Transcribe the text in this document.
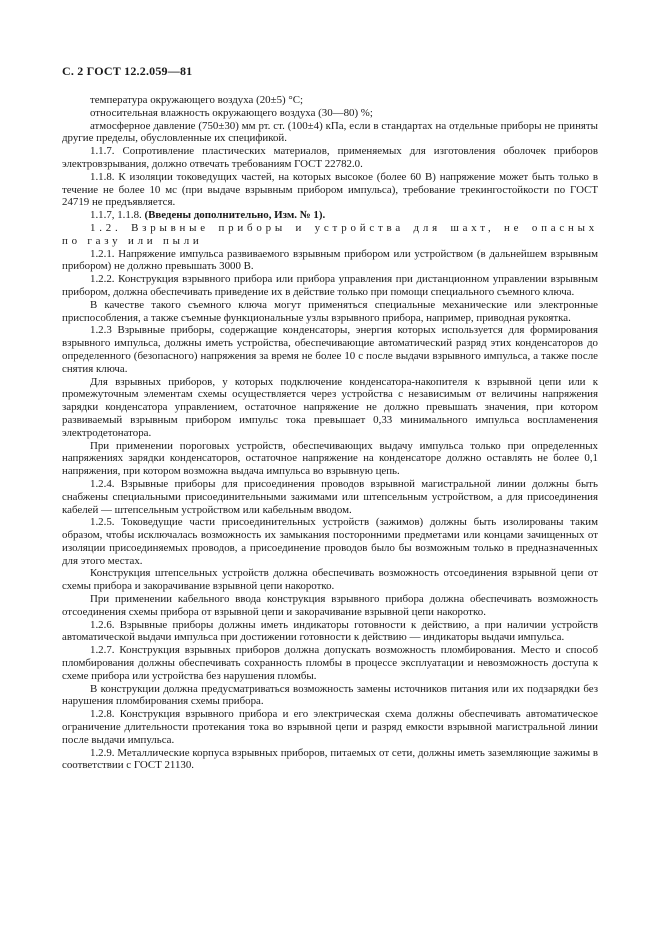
С. 2 ГОСТ 12.2.059—81

температура окружающего воздуха (20±5) °С;

относительная влажность окружающего воздуха (30—80) %;

атмосферное давление (750±30) мм рт. ст. (100±4) кПа, если в стандартах на отдельные приборы не приняты другие пределы, обусловленные их спецификой.

1.1.7. Сопротивление пластических материалов, применяемых для изготовления оболочек приборов электровзрывания, должно отвечать требованиям ГОСТ 22782.0.

1.1.8. К изоляции токоведущих частей, на которых высокое (более 60 В) напряжение может быть только в течение не более 10 мс (при выдаче взрывным прибором импульса), требование трекингостойкости по ГОСТ 24719 не предъявляется.

1.1.7, 1.1.8. (Введены дополнительно, Изм. № 1).

1.2. Взрывные приборы и устройства для шахт, не опасных по газу или пыли

1.2.1. Напряжение импульса развиваемого взрывным прибором или устройством (в дальнейшем взрывным прибором) не должно превышать 3000 В.

1.2.2. Конструкция взрывного прибора или прибора управления при дистанционном управлении взрывным прибором, должна обеспечивать приведение их в действие только при помощи специального съемного ключа.

В качестве такого съемного ключа могут применяться специальные механические или электронные приспособления, а также съемные функциональные узлы взрывного прибора, например, приводная рукоятка.

1.2.3 Взрывные приборы, содержащие конденсаторы, энергия которых используется для формирования взрывного импульса, должны иметь устройства, обеспечивающие автоматический разряд этих конденсаторов до определенного (безопасного) напряжения за время не более 10 с после выдачи взрывного импульса, а также после снятия ключа.

Для взрывных приборов, у которых подключение конденсатора-накопителя к взрывной цепи или к промежуточным элементам схемы осуществляется через устройства с независимым от величины напряжения зарядки конденсатора управлением, остаточное напряжение не должно превышать значения, при котором развиваемый взрывным прибором импульс тока превышает 0,33 минимального импульса воспламенения электродетонатора.

При применении пороговых устройств, обеспечивающих выдачу импульса только при определенных напряжениях зарядки конденсаторов, остаточное напряжение на конденсаторе должно оставлять не более 0,1 напряжения, при котором возможна выдача импульса во взрывную цепь.

1.2.4. Взрывные приборы для присоединения проводов взрывной магистральной линии должны быть снабжены специальными присоединительными зажимами или штепсельным устройством, а для присоединения кабелей — штепсельным устройством или кабельным вводом.

1.2.5. Токоведущие части присоединительных устройств (зажимов) должны быть изолированы таким образом, чтобы исключалась возможность их замыкания посторонними предметами или концами зачищенных от изоляции присоединяемых проводов, а присоединение проводов было бы возможным только в предназначенных для этого местах.

Конструкция штепсельных устройств должна обеспечивать возможность отсоединения взрывной цепи от схемы прибора и закорачивание взрывной цепи накоротко.

При применении кабельного ввода конструкция взрывного прибора должна обеспечивать возможность отсоединения схемы прибора от взрывной цепи и закорачивание взрывной цепи накоротко.

1.2.6. Взрывные приборы должны иметь индикаторы готовности к действию, а при наличии устройств автоматической выдачи импульса при достижении готовности к действию — индикаторы выдачи импульса.

1.2.7. Конструкция взрывных приборов должна допускать возможность пломбирования. Место и способ пломбирования должны обеспечивать сохранность пломбы в процессе эксплуатации и невозможность доступа к схеме прибора или устройства без нарушения пломбы.

В конструкции должна предусматриваться возможность замены источников питания или их подзарядки без нарушения пломбирования схемы прибора.

1.2.8. Конструкция взрывного прибора и его электрическая схема должны обеспечивать автоматическое ограничение длительности протекания тока во взрывной цепи и разряд емкости взрывной магистральной линии после выдачи импульса.

1.2.9. Металлические корпуса взрывных приборов, питаемых от сети, должны иметь заземляющие зажимы в соответствии с ГОСТ 21130.
